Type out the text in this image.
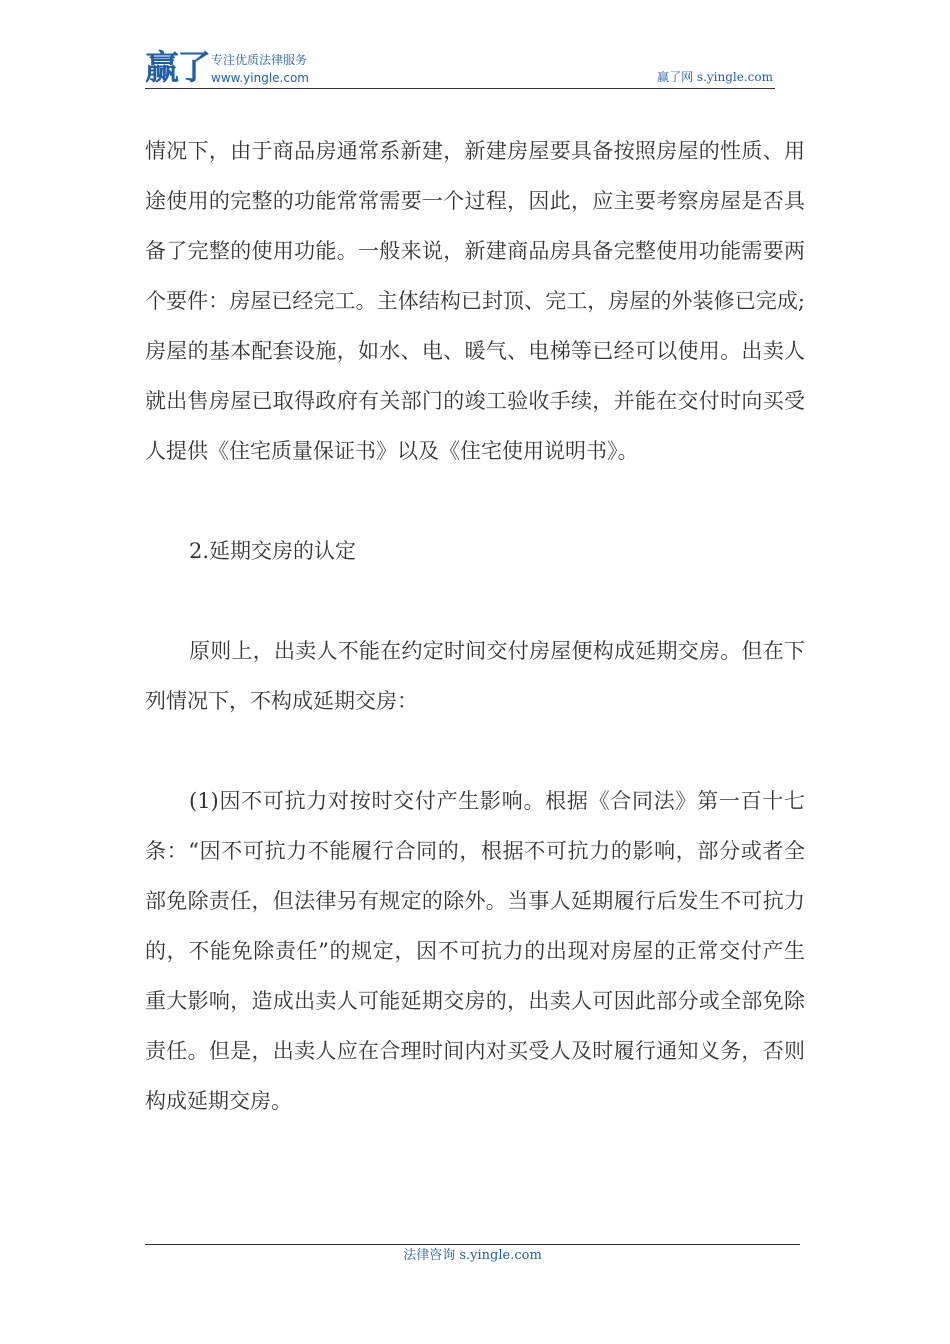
赢了 专注优质法律服务
www.yingle.com	赢了网 s.yingle.com

情况下，由于商品房通常系新建，新建房屋要具备按照房屋的性质、用途使用的完整的功能常常需要一个过程，因此，应主要考察房屋是否具备了完整的使用功能。一般来说，新建商品房具备完整使用功能需要两个要件：房屋已经完工。主体结构已封顶、完工，房屋的外装修已完成;房屋的基本配套设施，如水、电、暖气、电梯等已经可以使用。出卖人就出售房屋已取得政府有关部门的竣工验收手续，并能在交付时向买受人提供《住宅质量保证书》以及《住宅使用说明书》。

2.延期交房的认定

原则上，出卖人不能在约定时间交付房屋便构成延期交房。但在下列情况下，不构成延期交房：

(1)因不可抗力对按时交付产生影响。根据《合同法》第一百十七条：“因不可抗力不能履行合同的，根据不可抗力的影响，部分或者全部免除责任，但法律另有规定的除外。当事人延期履行后发生不可抗力的，不能免除责任”的规定，因不可抗力的出现对房屋的正常交付产生重大影响，造成出卖人可能延期交房的，出卖人可因此部分或全部免除责任。但是，出卖人应在合理时间内对买受人及时履行通知义务，否则构成延期交房。

法律咨询 s.yingle.com
